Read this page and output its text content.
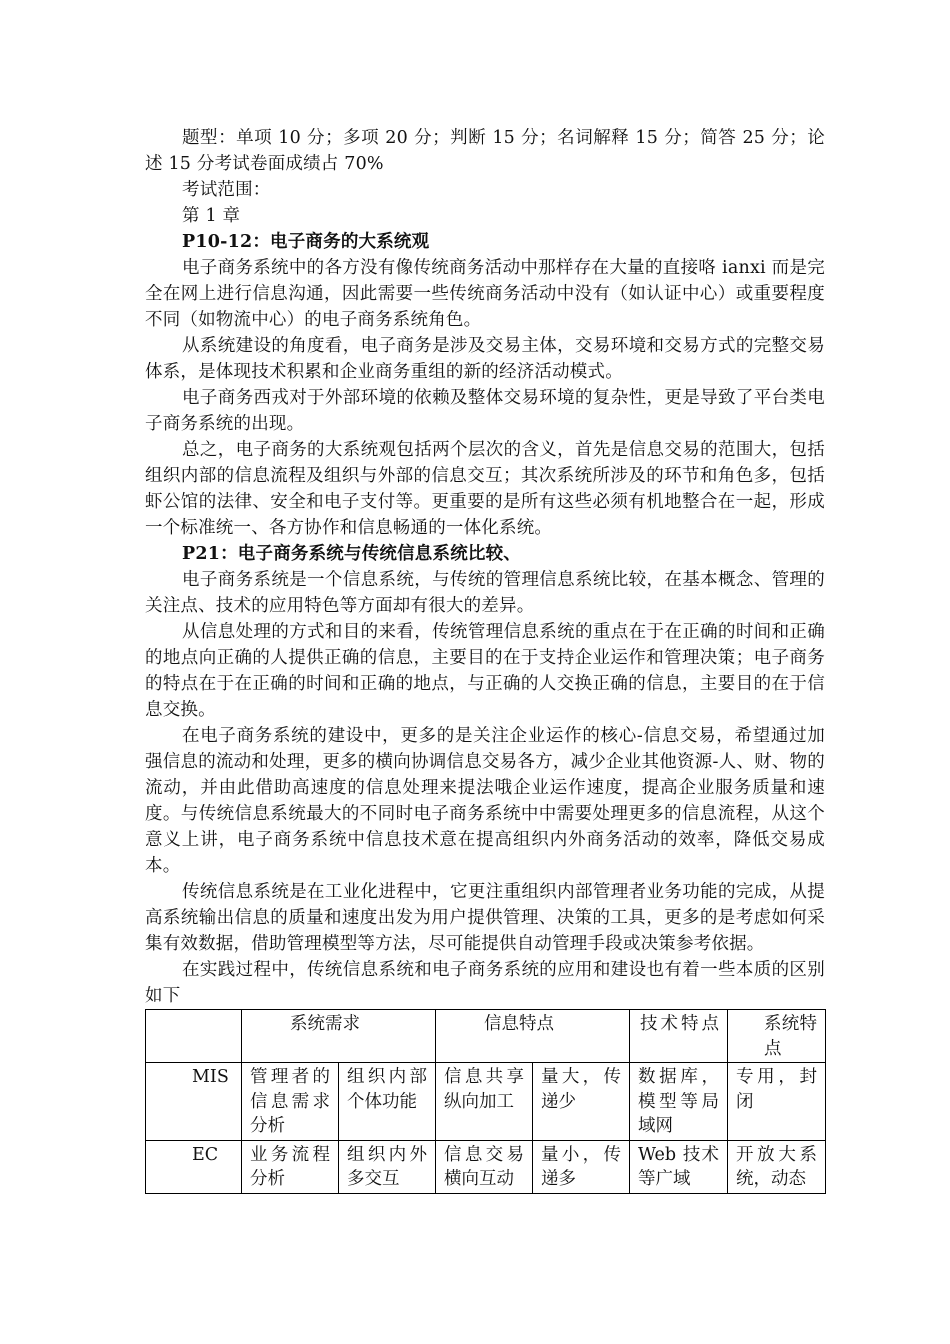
题型：单项 10 分；多项 20 分；判断 15 分；名词解释 15 分；简答 25 分；论述 15 分考试卷面成绩占 70%

考试范围：

第 1 章

P10-12：电子商务的大系统观

电子商务系统中的各方没有像传统商务活动中那样存在大量的直接咯 ianxi 而是完全在网上进行信息沟通，因此需要一些传统商务活动中没有（如认证中心）或重要程度不同（如物流中心）的电子商务系统角色。

从系统建设的角度看，电子商务是涉及交易主体，交易环境和交易方式的完整交易体系，是体现技术积累和企业商务重组的新的经济活动模式。

电子商务西戎对于外部环境的依赖及整体交易环境的复杂性，更是导致了平台类电子商务系统的出现。

总之，电子商务的大系统观包括两个层次的含义，首先是信息交易的范围大，包括组织内部的信息流程及组织与外部的信息交互；其次系统所涉及的环节和角色多，包括虾公馆的法律、安全和电子支付等。更重要的是所有这些必须有机地整合在一起，形成一个标准统一、各方协作和信息畅通的一体化系统。

P21：电子商务系统与传统信息系统比较、

电子商务系统是一个信息系统，与传统的管理信息系统比较，在基本概念、管理的关注点、技术的应用特色等方面却有很大的差异。

从信息处理的方式和目的来看，传统管理信息系统的重点在于在正确的时间和正确的地点向正确的人提供正确的信息，主要目的在于支持企业运作和管理决策；电子商务的特点在于在正确的时间和正确的地点，与正确的人交换正确的信息，主要目的在于信息交换。

在电子商务系统的建设中，更多的是关注企业运作的核心-信息交易，希望通过加强信息的流动和处理，更多的横向协调信息交易各方，减少企业其他资源-人、财、物的流动，并由此借助高速度的信息处理来提法哦企业运作速度，提高企业服务质量和速度。与传统信息系统最大的不同时电子商务系统中中需要处理更多的信息流程，从这个意义上讲，电子商务系统中信息技术意在提高组织内外商务活动的效率，降低交易成本。

传统信息系统是在工业化进程中，它更注重组织内部管理者业务功能的完成，从提高系统输出信息的质量和速度出发为用户提供管理、决策的工具，更多的是考虑如何采集有效数据，借助管理模型等方法，尽可能提供自动管理手段或决策参考依据。

在实践过程中，传统信息系统和电子商务系统的应用和建设也有着一些本质的区别如下

	系统需求		信息特点		技术特点	系统特点
MIS	管理者的信息需求分析	组织内部个体功能	信息共享纵向加工	量大，传递少	数据库，模型等局域网	专用，封闭
EC	业务流程分析	组织内外多交互	信息交易横向互动	量小，传递多	Web 技术等广域	开放大系统，动态
